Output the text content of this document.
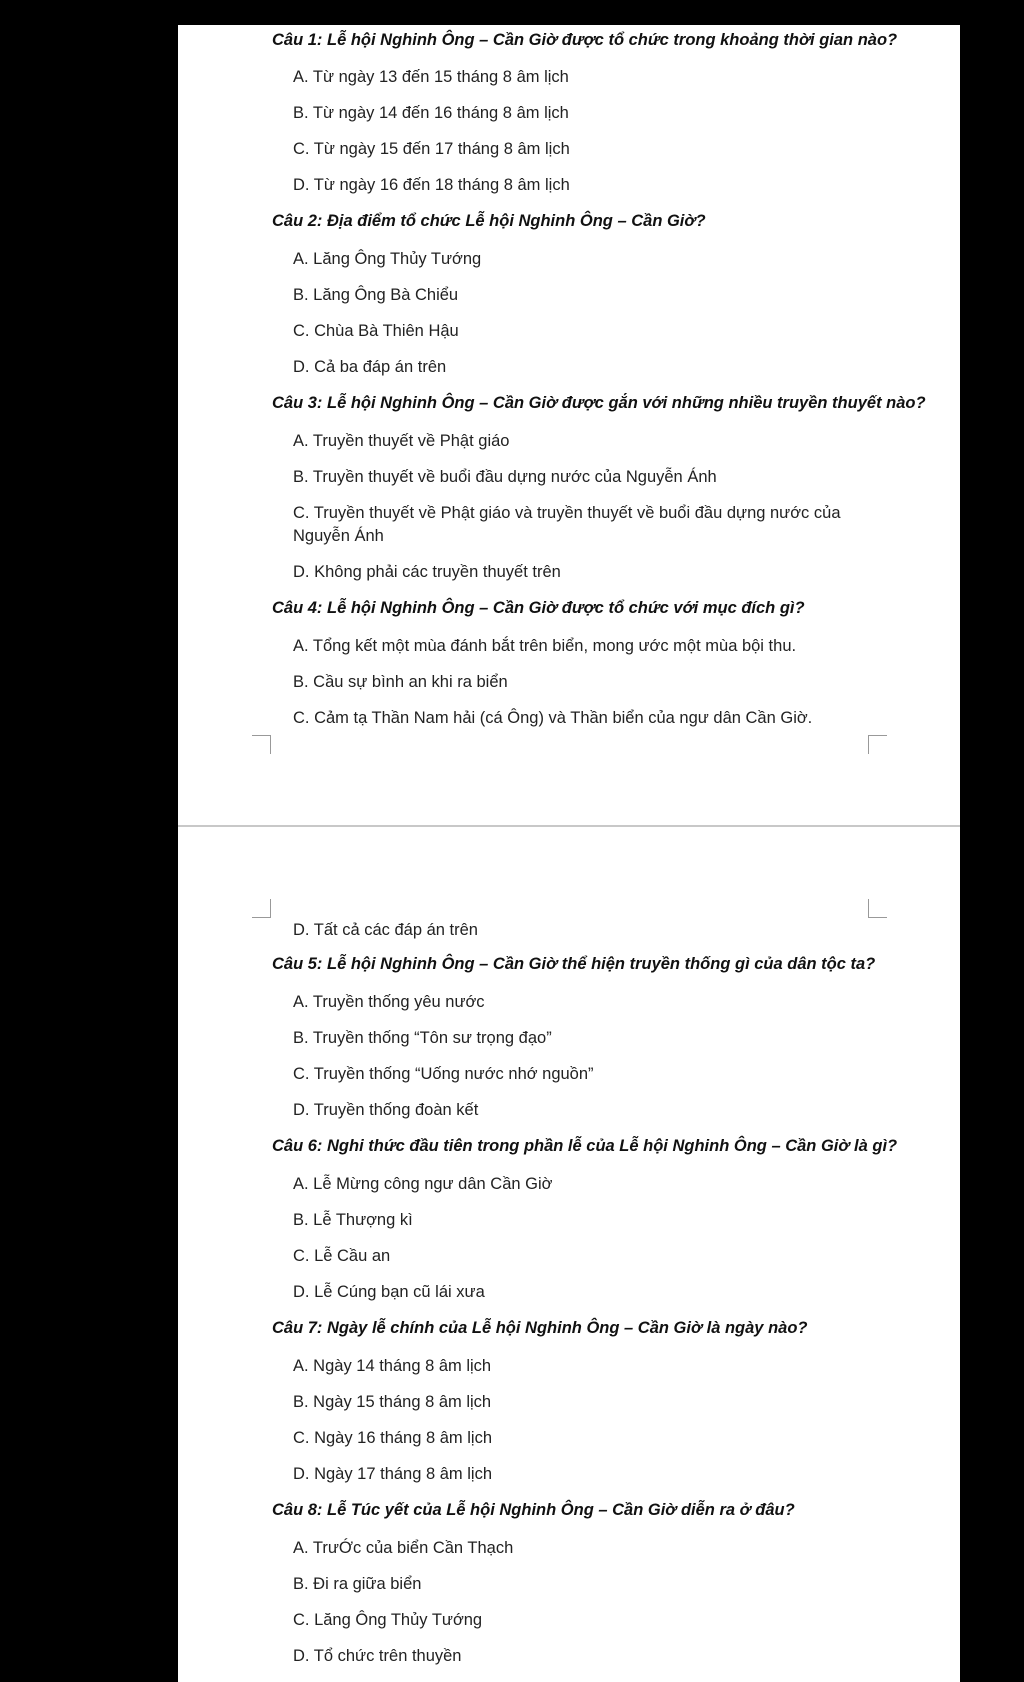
Câu 1: Lễ hội Nghinh Ông – Cần Giờ được tổ chức trong khoảng thời gian nào?
A. Từ ngày 13 đến 15 tháng 8 âm lịch
B. Từ ngày 14 đến 16 tháng 8 âm lịch
C. Từ ngày 15 đến 17 tháng 8 âm lịch
D. Từ ngày 16 đến 18 tháng 8 âm lịch
Câu 2: Địa điểm tổ chức Lễ hội Nghinh Ông – Cần Giờ?
A. Lăng Ông Thủy Tướng
B. Lăng Ông Bà Chiểu
C. Chùa Bà Thiên Hậu
D. Cả ba đáp án trên
Câu 3: Lễ hội Nghinh Ông – Cần Giờ được gắn với những nhiều truyền thuyết nào?
A. Truyền thuyết về Phật giáo
B. Truyền thuyết về buổi đầu dựng nước của Nguyễn Ánh
C. Truyền thuyết về Phật giáo và truyền thuyết về buổi đầu dựng nước của Nguyễn Ánh
D. Không phải các truyền thuyết trên
Câu 4: Lễ hội Nghinh Ông – Cần Giờ được tổ chức với mục đích gì?
A. Tổng kết một mùa đánh bắt trên biển, mong ước một mùa bội thu.
B. Cầu sự bình an khi ra biển
C. Cảm tạ Thần Nam hải (cá Ông) và Thần biển của ngư dân Cần Giờ.
D. Tất cả các đáp án trên
Câu 5: Lễ hội Nghinh Ông – Cần Giờ thể hiện truyền thống gì của dân tộc ta?
A. Truyền thống yêu nước
B. Truyền thống “Tôn sư trọng đạo”
C. Truyền thống “Uống nước nhớ nguồn”
D. Truyền thống đoàn kết
Câu 6: Nghi thức đầu tiên trong phần lễ của Lễ hội Nghinh Ông – Cần Giờ là gì?
A. Lễ Mừng công ngư dân Cần Giờ
B. Lễ Thượng kì
C. Lễ Cầu an
D. Lễ Cúng bạn cũ lái xưa
Câu 7: Ngày lễ chính của Lễ hội Nghinh Ông – Cần Giờ là ngày nào?
A. Ngày 14 tháng 8 âm lịch
B. Ngày 15 tháng 8 âm lịch
C. Ngày 16 tháng 8 âm lịch
D. Ngày 17 tháng 8 âm lịch
Câu 8: Lễ Túc yết của Lễ hội Nghinh Ông – Cần Giờ diễn ra ở đâu?
A. TrưỚc của biển Cần Thạch
B. Đi ra giữa biển
C. Lăng Ông Thủy Tướng
D. Tổ chức trên thuyền
